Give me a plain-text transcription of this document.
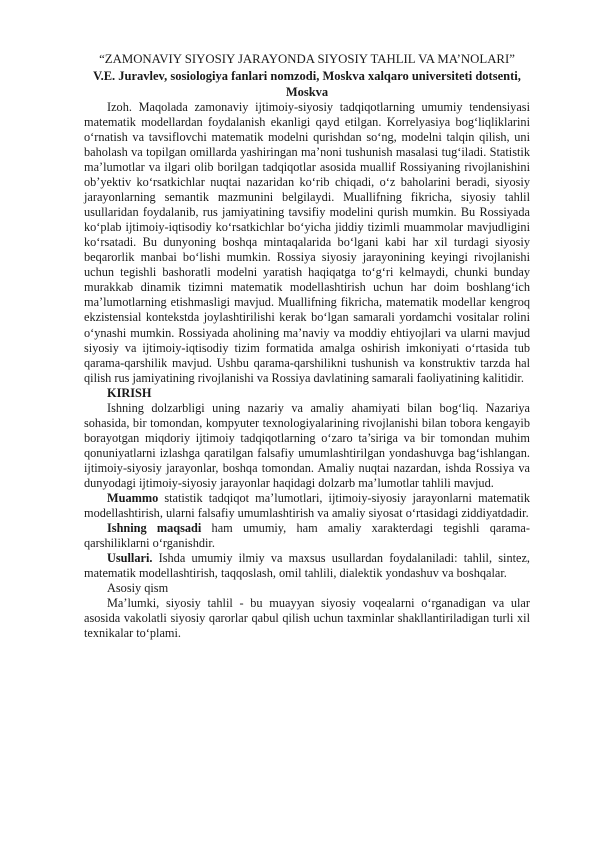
“ZAMONAVIY SIYOSIY JARAYONDA SIYOSIY TAHLIL VA MA’NOLARI”
V.E. Juravlev, sosiologiya fanlari nomzodi, Moskva xalqaro universiteti dotsenti, Moskva

Izoh. Maqolada zamonaviy ijtimoiy-siyosiy tadqiqotlarning umumiy tendensiyasi matematik modellardan foydalanish ekanligi qayd etilgan. Korrelyasiya bog‘liqliklarini o‘rnatish va tavsiflovchi matematik modelni qurishdan so‘ng, modelni talqin qilish, uni baholash va topilgan omillarda yashiringan ma’noni tushunish masalasi tug‘iladi. Statistik ma’lumotlar va ilgari olib borilgan tadqiqotlar asosida muallif Rossiyaning rivojlanishini ob’yektiv ko‘rsatkichlar nuqtai nazaridan ko‘rib chiqadi, o‘z baholarini beradi, siyosiy jarayonlarning semantik mazmunini belgilaydi. Muallifning fikricha, siyosiy tahlil usullaridan foydalanib, rus jamiyatining tavsifiy modelini qurish mumkin. Bu Rossiyada ko‘plab ijtimoiy-iqtisodiy ko‘rsatkichlar bo‘yicha jiddiy tizimli muammolar mavjudligini ko‘rsatadi. Bu dunyoning boshqa mintaqalarida bo‘lgani kabi har xil turdagi siyosiy beqarorlik manbai bo‘lishi mumkin. Rossiya siyosiy jarayonining keyingi rivojlanishi uchun tegishli bashoratli modelni yaratish haqiqatga to‘g‘ri kelmaydi, chunki bunday murakkab dinamik tizimni matematik modellashtirish uchun har doim boshlang‘ich ma’lumotlarning etishmasligi mavjud. Muallifning fikricha, matematik modellar kengroq ekzistensial kontekstda joylashtirilishi kerak bo‘lgan samarali yordamchi vositalar rolini o‘ynashi mumkin. Rossiyada aholining ma’naviy va moddiy ehtiyojlari va ularni mavjud siyosiy va ijtimoiy-iqtisodiy tizim formatida amalga oshirish imkoniyati o‘rtasida tub qarama-qarshilik mavjud. Ushbu qarama-qarshilikni tushunish va konstruktiv tarzda hal qilish rus jamiyatining rivojlanishi va Rossiya davlatining samarali faoliyatining kalitidir.

KIRISH

Ishning dolzarbligi uning nazariy va amaliy ahamiyati bilan bog‘liq. Nazariya sohasida, bir tomondan, kompyuter texnologiyalarining rivojlanishi bilan tobora kengayib borayotgan miqdoriy ijtimoiy tadqiqotlarning o‘zaro ta’siriga va bir tomondan muhim qonuniyatlarni izlashga qaratilgan falsafiy umumlashtirilgan yondashuvga bag‘ishlangan. ijtimoiy-siyosiy jarayonlar, boshqa tomondan. Amaliy nuqtai nazardan, ishda Rossiya va dunyodagi ijtimoiy-siyosiy jarayonlar haqidagi dolzarb ma’lumotlar tahlili mavjud.

Muammo statistik tadqiqot ma’lumotlari, ijtimoiy-siyosiy jarayonlarni matematik modellashtirish, ularni falsafiy umumlashtirish va amaliy siyosat o‘rtasidagi ziddiyatdadir.

Ishning maqsadi ham umumiy, ham amaliy xarakterdagi tegishli qarama-qarshiliklarni o‘rganishdir.

Usullari. Ishda umumiy ilmiy va maxsus usullardan foydalaniladi: tahlil, sintez, matematik modellashtirish, taqqoslash, omil tahlili, dialektik yondashuv va boshqalar.

Asosiy qism

Ma’lumki, siyosiy tahlil - bu muayyan siyosiy voqealarni o‘rganadigan va ular asosida vakolatli siyosiy qarorlar qabul qilish uchun taxminlar shakllantiriladigan turli xil texnikalar to‘plami.
